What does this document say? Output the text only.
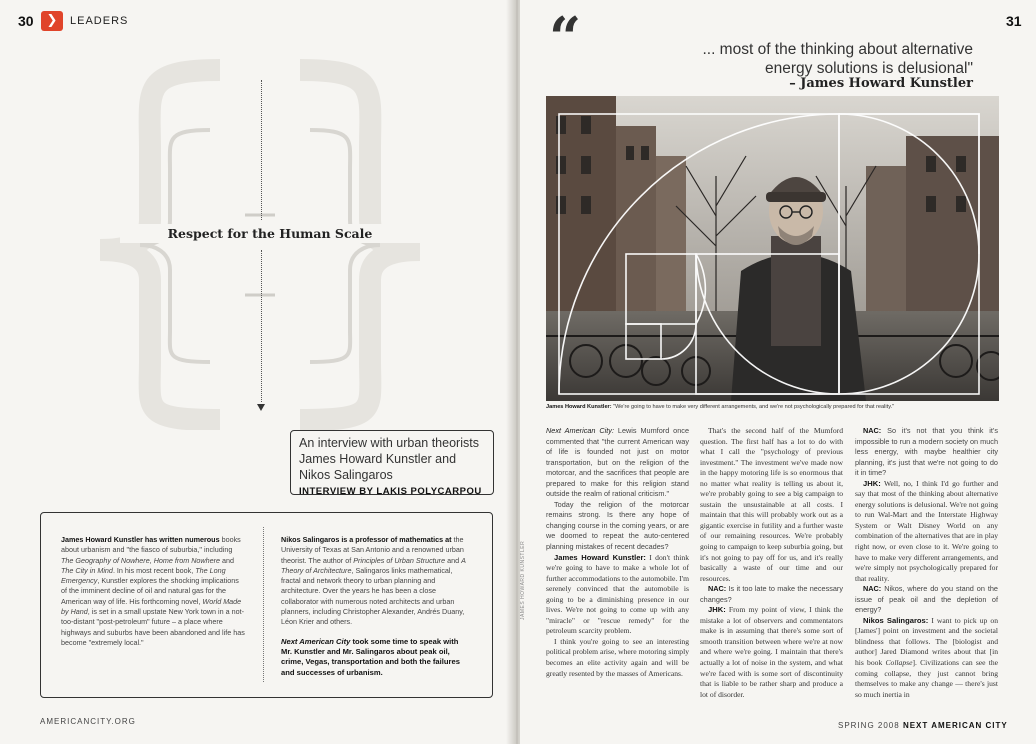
30 ❯	LEADERS
Respect for the Human Scale
An interview with urban theorists James Howard Kunstler and Nikos Salingaros
INTERVIEW BY LAKIS POLYCARPOU
James Howard Kunstler has written numerous books about urbanism and "the fiasco of suburbia," including The Geography of Nowhere, Home from Nowhere and The City in Mind. In his most recent book, The Long Emergency, Kunstler explores the shocking implications of the imminent decline of oil and natural gas for the American way of life. His forthcoming novel, World Made by Hand, is set in a small upstate New York town in a not-too-distant "post-petroleum" future – a place where highways and suburbs have been abandoned and life has become "extremely local."

Nikos Salingaros is a professor of mathematics at the University of Texas at San Antonio and a renowned urban theorist. The author of Principles of Urban Structure and A Theory of Architecture, Salingaros links mathematical, fractal and network theory to urban planning and architecture. Over the years he has been a close collaborator with numerous noted architects and urban planners, including Christopher Alexander, Andrés Duany, Léon Krier and others.

Next American City took some time to speak with Mr. Kunstler and Mr. Salingaros about peak oil, crime, Vegas, transportation and both the failures and successes of urbanism.

AMERICANCITY.ORG
31
“	... most of the thinking about alternative
energy solutions is delusional"
– James Howard Kunstler
James Howard Kunstler: "We're going to have to make very different arrangements, and we're not psychologically prepared for that reality."
JAMES HOWARD KUNSTLER

Next American City: Lewis Mumford once commented that "the current American way of life is founded not just on motor transportation, but on the religion of the motorcar, and the sacrifices that people are prepared to make for this religion stand outside the realm of rational criticism."

Today the religion of the motorcar remains strong. Is there any hope of changing course in the coming years, or are we doomed to repeat the auto-centered planning mistakes of recent decades?

James Howard Kunstler: I don't think we're going to have to make a whole lot of further accommodations to the automobile. I'm serenely convinced that the automobile is going to be a diminishing presence in our lives. We're not going to come up with any "miracle" or "rescue remedy" for the petroleum scarcity problem.

I think you're going to see an interesting political problem arise, where motoring simply becomes an elite activity again and will be greatly resented by the masses of Americans.

That's the second half of the Mumford question. The first half has a lot to do with what I call the "psychology of previous investment." The investment we've made now in the happy motoring life is so enormous that no matter what reality is telling us about it, we're probably going to see a big campaign to sustain the unsustainable at all costs. I maintain that this will probably work out as a gigantic exercise in futility and a further waste of our remaining resources. We're probably going to campaign to keep suburbia going, but it's not going to pay off for us, and it's really basically a waste of our time and our resources.

NAC: Is it too late to make the necessary changes?

JHK: From my point of view, I think the mistake a lot of observers and commentators make is in assuming that there's some sort of smooth transition between where we're at now and where we're going. I maintain that there's actually a lot of noise in the system, and what we're faced with is some sort of discontinuity that is liable to be rather sharp and produce a lot of disorder.

NAC: So it's not that you think it's impossible to run a modern society on much less energy, with maybe healthier city planning, it's just that we're not going to do it in time?

JHK: Well, no, I think I'd go further and say that most of the thinking about alternative energy solutions is delusional. We're not going to run Wal-Mart and the Interstate Highway System or Walt Disney World on any combination of the alternatives that are in play right now, or even close to it. We're going to have to make very different arrangements, and we're simply not psychologically prepared for that reality.

NAC: Nikos, where do you stand on the issue of peak oil and the depletion of energy?

Nikos Salingaros: I want to pick up on [James'] point on investment and the societal blindness that follows. The [biologist and author] Jared Diamond writes about that [in his book Collapse]. Civilizations can see the coming collapse, they just cannot bring themselves to make any change — there's just so much inertia in

SPRING 2008 NEXT AMERICAN CITY
